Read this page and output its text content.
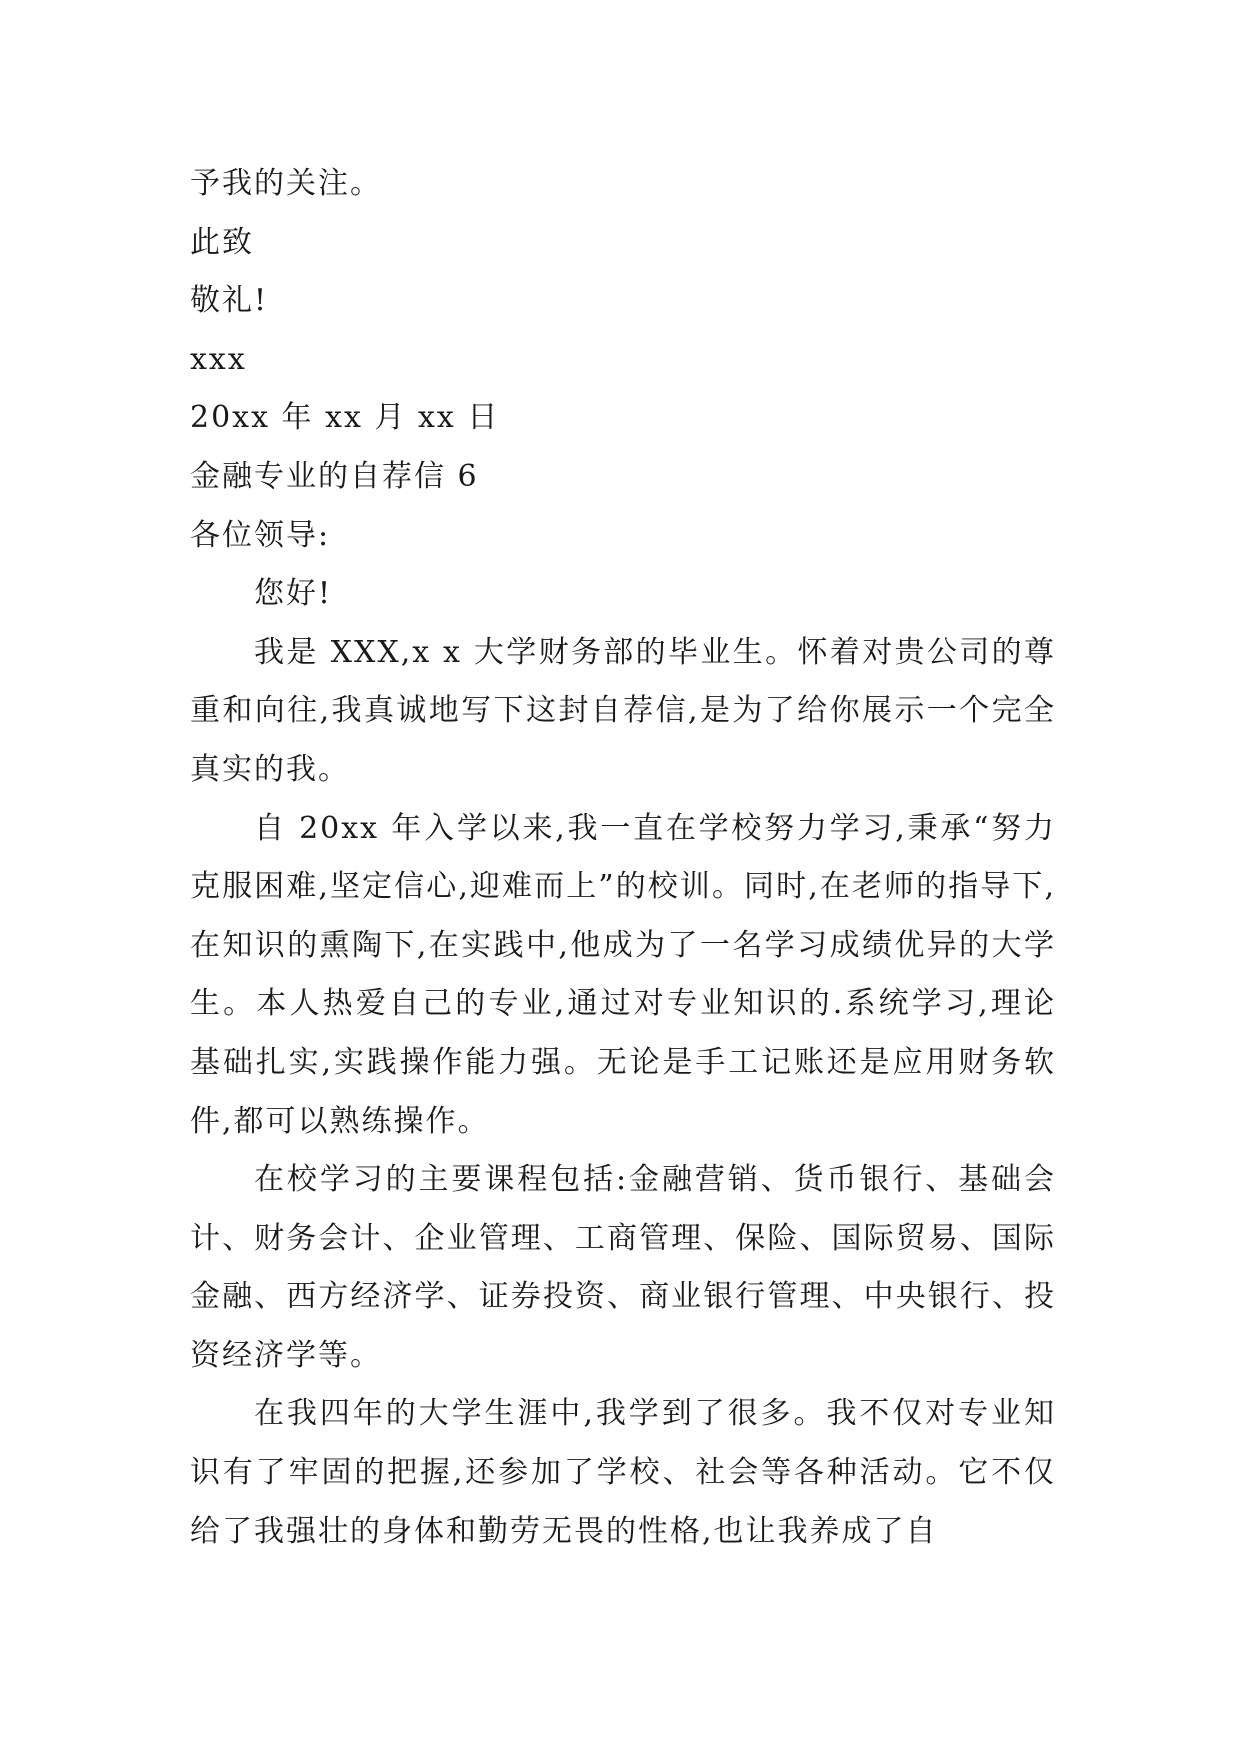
予我的关注。
此致
敬礼!
xxx
20xx 年 xx 月 xx 日
金融专业的自荐信 6
各位领导:
您好!

我是 XXX,x x 大学财务部的毕业生。怀着对贵公司的尊重和向往,我真诚地写下这封自荐信,是为了给你展示一个完全真实的我。

自 20xx 年入学以来,我一直在学校努力学习,秉承“努力克服困难,坚定信心,迎难而上”的校训。同时,在老师的指导下,在知识的熏陶下,在实践中,他成为了一名学习成绩优异的大学生。本人热爱自己的专业,通过对专业知识的.系统学习,理论基础扎实,实践操作能力强。无论是手工记账还是应用财务软件,都可以熟练操作。

在校学习的主要课程包括:金融营销、货币银行、基础会计、财务会计、企业管理、工商管理、保险、国际贸易、国际金融、西方经济学、证券投资、商业银行管理、中央银行、投资经济学等。

在我四年的大学生涯中,我学到了很多。我不仅对专业知识有了牢固的把握,还参加了学校、社会等各种活动。它不仅给了我强壮的身体和勤劳无畏的性格,也让我养成了自
